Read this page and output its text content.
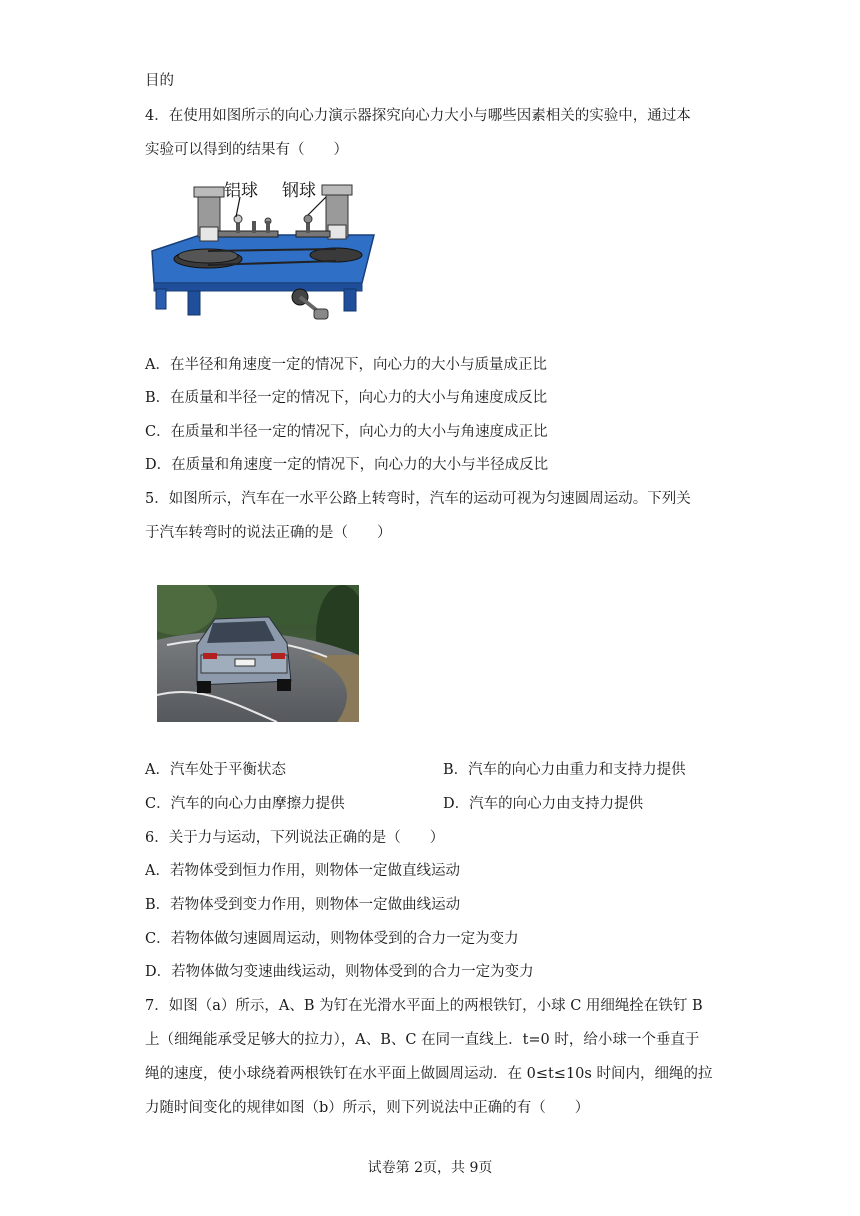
目的
4．在使用如图所示的向心力演示器探究向心力大小与哪些因素相关的实验中，通过本
实验可以得到的结果有（　　）
铝球 钢球
A．在半径和角速度一定的情况下，向心力的大小与质量成正比
B．在质量和半径一定的情况下，向心力的大小与角速度成反比
C．在质量和半径一定的情况下，向心力的大小与角速度成正比
D．在质量和角速度一定的情况下，向心力的大小与半径成反比
5．如图所示，汽车在一水平公路上转弯时，汽车的运动可视为匀速圆周运动。下列关
于汽车转弯时的说法正确的是（　　）
A．汽车处于平衡状态	B．汽车的向心力由重力和支持力提供
C．汽车的向心力由摩擦力提供	D．汽车的向心力由支持力提供
6．关于力与运动，下列说法正确的是（　　）
A．若物体受到恒力作用，则物体一定做直线运动
B．若物体受到变力作用，则物体一定做曲线运动
C．若物体做匀速圆周运动，则物体受到的合力一定为变力
D．若物体做匀变速曲线运动，则物体受到的合力一定为变力
7．如图（a）所示，A、B 为钉在光滑水平面上的两根铁钉，小球 C 用细绳拴在铁钉 B
上（细绳能承受足够大的拉力），A、B、C 在同一直线上．t=0 时，给小球一个垂直于
绳的速度，使小球绕着两根铁钉在水平面上做圆周运动．在 0≤t≤10s 时间内，细绳的拉
力随时间变化的规律如图（b）所示，则下列说法中正确的有（　　）
试卷第 2页，共 9页
